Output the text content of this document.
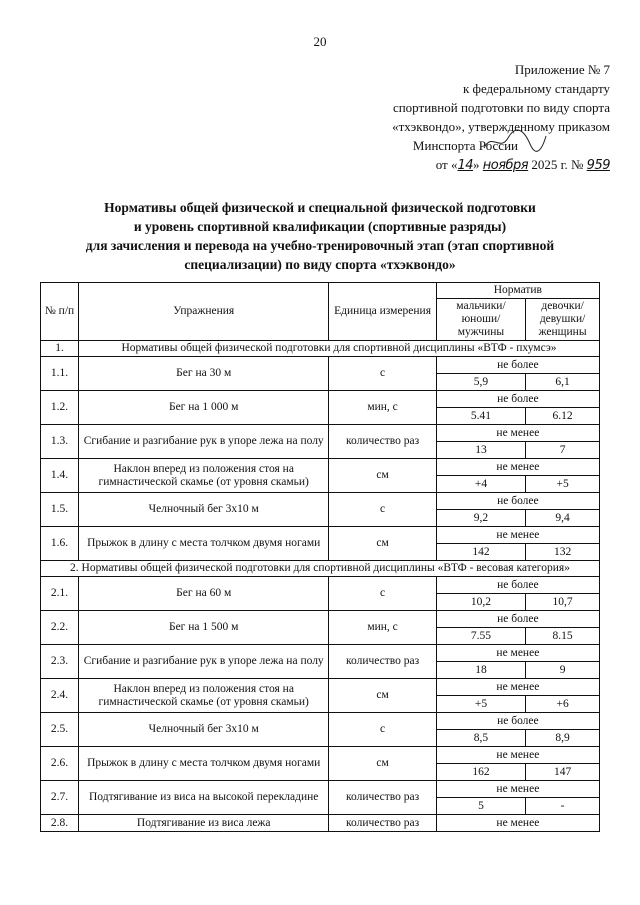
20
Приложение № 7
к федеральному стандарту
спортивной подготовки по виду спорта
«тхэквондо», утвержденному приказом
Минспорта России
от «14» ноября 2025 г. № 959
Нормативы общей физической и специальной физической подготовки
и уровень спортивной квалификации (спортивные разряды)
для зачисления и перевода на учебно-тренировочный этап (этап спортивной
специализации) по виду спорта «тхэквондо»
№ п/п	Упражнения	Единица измерения	Норматив	
			мальчики/ юноши/ мужчины	девочки/ девушки/ женщины
1.	Нормативы общей физической подготовки для спортивной дисциплины «ВТФ - пхумсэ»			
1.1.	Бег на 30 м	с	не более	
			5,9	6,1
1.2.	Бег на 1 000 м	мин, с	не более	
			5.41	6.12
1.3.	Сгибание и разгибание рук в упоре лежа на полу	количество раз	не менее	
			13	7
1.4.	Наклон вперед из положения стоя на гимнастической скамье (от уровня скамьи)	см	не менее	
			+4	+5
1.5.	Челночный бег 3х10 м	с	не более	
			9,2	9,4
1.6.	Прыжок в длину с места толчком двумя ногами	см	не менее	
			142	132
2. Нормативы общей физической подготовки для спортивной дисциплины «ВТФ - весовая категория»				
2.1.	Бег на 60 м	с	не более	
			10,2	10,7
2.2.	Бег на 1 500 м	мин, с	не более	
			7.55	8.15
2.3.	Сгибание и разгибание рук в упоре лежа на полу	количество раз	не менее	
			18	9
2.4.	Наклон вперед из положения стоя на гимнастической скамье (от уровня скамьи)	см	не менее	
			+5	+6
2.5.	Челночный бег 3х10 м	с	не более	
			8,5	8,9
2.6.	Прыжок в длину с места толчком двумя ногами	см	не менее	
			162	147
2.7.	Подтягивание из виса на высокой перекладине	количество раз	не менее	
			5	-
2.8.	Подтягивание из виса лежа	количество раз	не менее	
